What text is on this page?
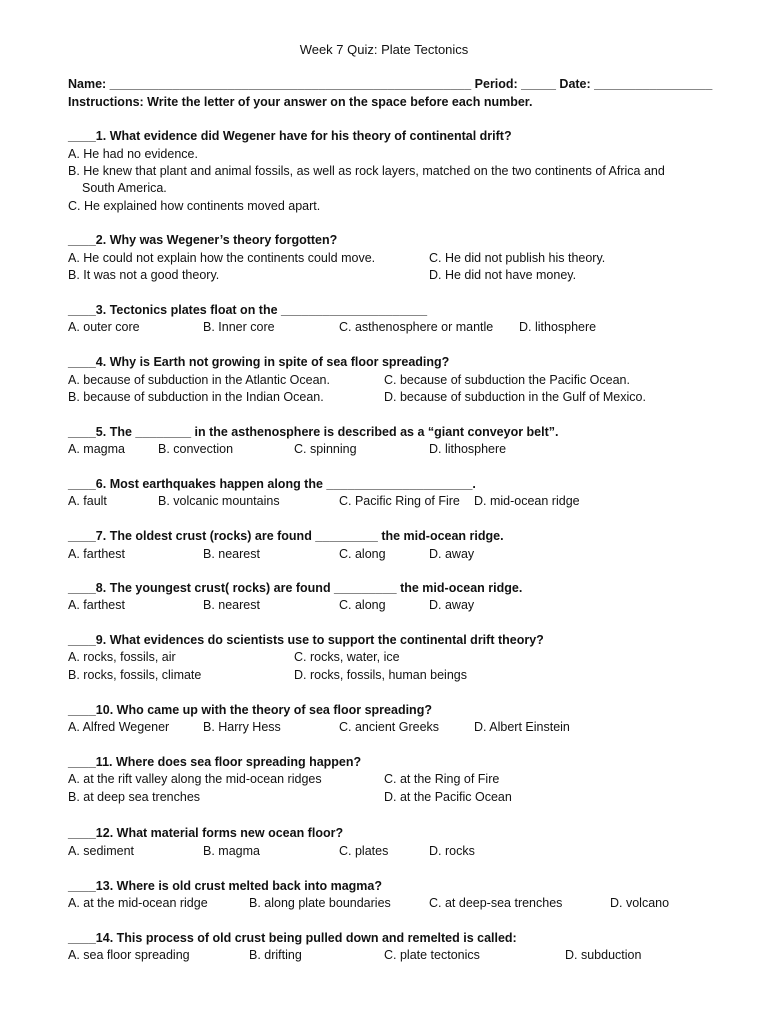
Week 7 Quiz: Plate Tectonics
Name: ____________________________________________________ Period: _____ Date: _________________
Instructions: Write the letter of your answer on the space before each number.
____1. What evidence did Wegener have for his theory of continental drift?
A. He had no evidence.
B. He knew that plant and animal fossils, as well as rock layers, matched on the two continents of Africa and
South America.
C. He explained how continents moved apart.
____2. Why was Wegener’s theory forgotten?
A. He could not explain how the continents could move.	C. He did not publish his theory.
B. It was not a good theory.	D. He did not have money.
____3. Tectonics plates float on the _____________________
A. outer core	B. Inner core	C. asthenosphere or mantle D. lithosphere
____4. Why is Earth not growing in spite of sea floor spreading?
A. because of subduction in the Atlantic Ocean.	C. because of subduction the Pacific Ocean.
B. because of subduction in the Indian Ocean.	D. because of subduction in the Gulf of Mexico.
____5. The ________ in the asthenosphere is described as a “giant conveyor belt”.
A. magma	B. convection	C. spinning	D. lithosphere
____6. Most earthquakes happen along the _____________________.
A. fault	B. volcanic mountains	C. Pacific Ring of Fire D. mid-ocean ridge
____7. The oldest crust (rocks) are found _________ the mid-ocean ridge.
A. farthest	B. nearest	C. along	D. away
____8. The youngest crust( rocks) are found _________ the mid-ocean ridge.
A. farthest	B. nearest	C. along	D. away
____9. What evidences do scientists use to support the continental drift theory?
A. rocks, fossils, air	C. rocks, water, ice
B. rocks, fossils, climate	D. rocks, fossils, human beings
____10. Who came up with the theory of sea floor spreading?
A. Alfred Wegener	B. Harry Hess	C. ancient Greeks	D. Albert Einstein
____11. Where does sea floor spreading happen?
A. at the rift valley along the mid-ocean ridges	C. at the Ring of Fire
B. at deep sea trenches	D. at the Pacific Ocean
____12. What material forms new ocean floor?
A. sediment	B. magma	C. plates	D. rocks
____13. Where is old crust melted back into magma?
A. at the mid-ocean ridge	B. along plate boundaries	C. at deep-sea trenches	D. volcano
____14. This process of old crust being pulled down and remelted is called:
A. sea floor spreading	B. drifting	C. plate tectonics	D. subduction
